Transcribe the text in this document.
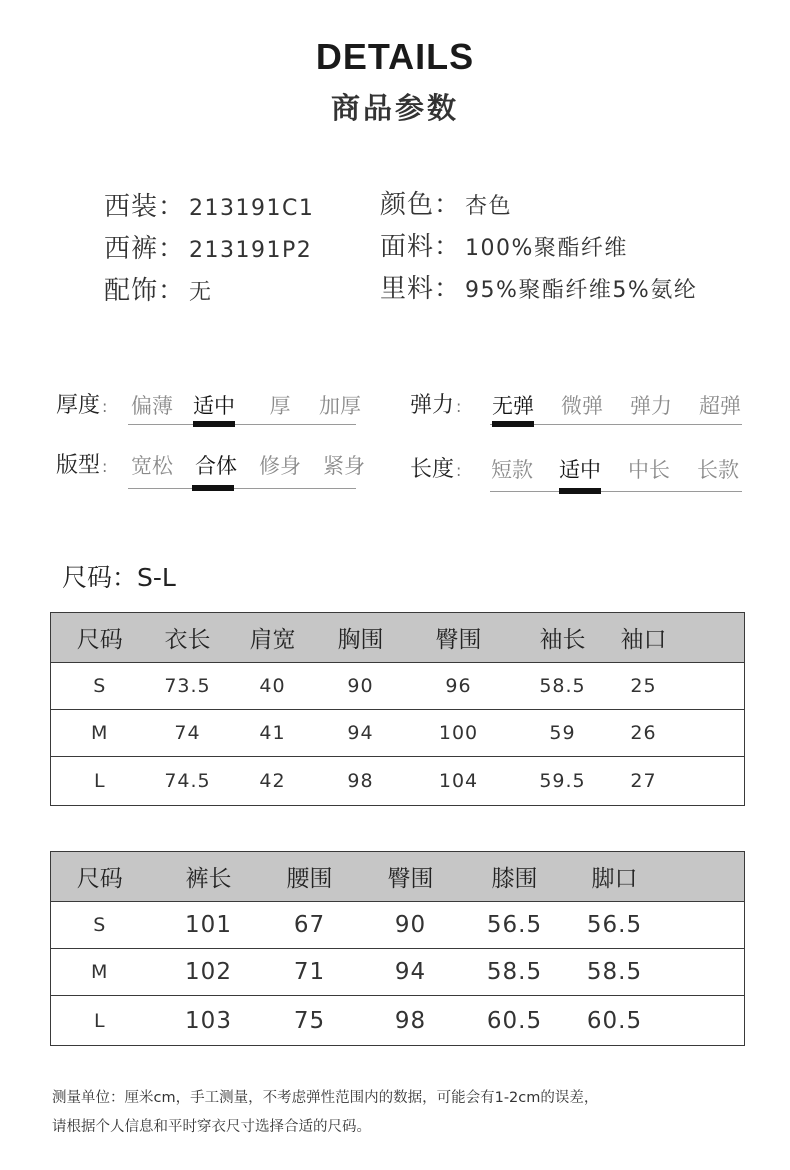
DETAILS
商品参数
西装： 213191C1
西裤： 213191P2
配饰： 无
颜色： 杏色
面料： 100%聚酯纤维
里料： 95%聚酯纤维5%氨纶
厚度 :	偏薄 适中	厚	加厚	弹力 :	无弹	微弹	弹力	超弹
版型 :	宽松	合体	修身	紧身	长度 :	短款	适中	中长	长款
尺码：S-L
尺码	衣长	肩宽	胸围	臀围	袖长	袖口	
S	73.5	40	90	96	58.5	25	
M	74	41	94	100	59	26	
L	74.5	42	98	104	59.5	27	
尺码	裤长	腰围	臀围	膝围	脚口	
S	101	67	90	56.5	56.5	
M	102	71	94	58.5	58.5	
L	103	75	98	60.5	60.5	
测量单位：厘米cm，手工测量，不考虑弹性范围内的数据，可能会有1-2cm的误差，
请根据个人信息和平时穿衣尺寸选择合适的尺码。
